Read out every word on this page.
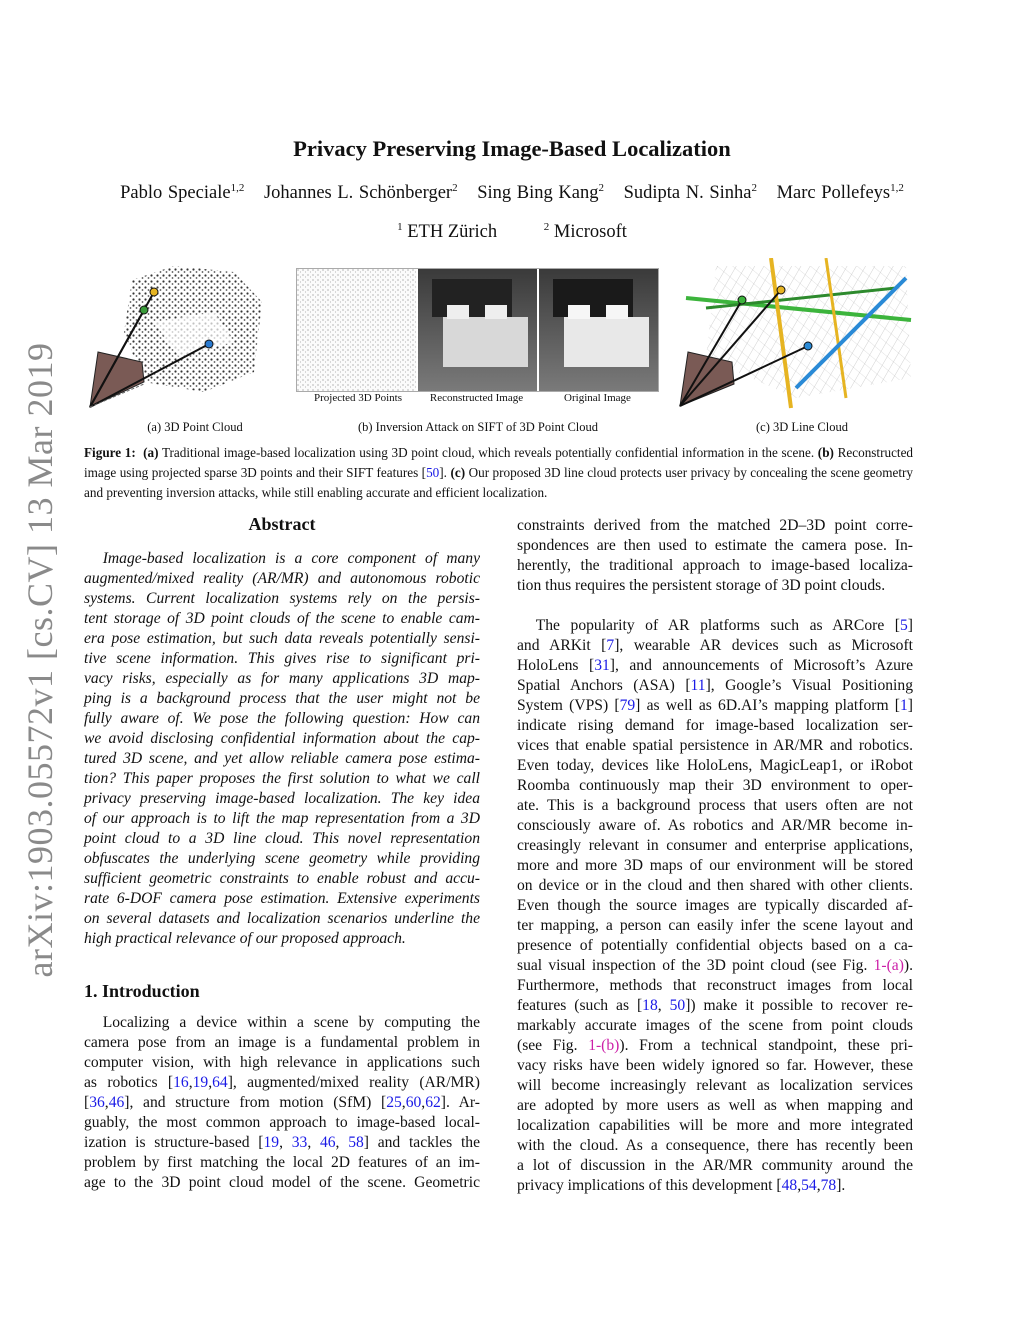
arXiv:1903.05572v1 [cs.CV] 13 Mar 2019
Privacy Preserving Image-Based Localization
Pablo Speciale$^{1,2}$ Johannes L. Schönberger$^2$ Sing Bing Kang$^2$ Sudipta N. Sinha$^2$ Marc Pollefeys$^{1,2}$
$^1$ ETH Zürich	$^2$ Microsoft
Projected 3D Points	Reconstructed Image	Original Image
(a) 3D Point Cloud	(b) Inversion Attack on SIFT of 3D Point Cloud	(c) 3D Line Cloud
Figure 1: (a) Traditional image-based localization using 3D point cloud, which reveals potentially confidential information in the scene. (b) Reconstructed image using projected sparse 3D points and their SIFT features [50]. (c) Our proposed 3D line cloud protects user privacy by concealing the scene geometry and preventing inversion attacks, while still enabling accurate and efficient localization.
Abstract
Image-based localization is a core component of many
augmented/mixed reality (AR/MR) and autonomous robotic
systems. Current localization systems rely on the persis-
tent storage of 3D point clouds of the scene to enable cam-
era pose estimation, but such data reveals potentially sensi-
tive scene information. This gives rise to significant pri-
vacy risks, especially as for many applications 3D map-
ping is a background process that the user might not be
fully aware of. We pose the following question: How can
we avoid disclosing confidential information about the cap-
tured 3D scene, and yet allow reliable camera pose estima-
tion? This paper proposes the first solution to what we call
privacy preserving image-based localization. The key idea
of our approach is to lift the map representation from a 3D
point cloud to a 3D line cloud. This novel representation
obfuscates the underlying scene geometry while providing
sufficient geometric constraints to enable robust and accu-
rate 6-DOF camera pose estimation. Extensive experiments
on several datasets and localization scenarios underline the
high practical relevance of our proposed approach.
1. Introduction
Localizing a device within a scene by computing the
camera pose from an image is a fundamental problem in
computer vision, with high relevance in applications such
as robotics [16,19,64], augmented/mixed reality (AR/MR)
[36,46], and structure from motion (SfM) [25,60,62]. Ar-
guably, the most common approach to image-based local-
ization is structure-based [19, 33, 46, 58] and tackles the
problem by first matching the local 2D features of an im-
age to the 3D point cloud model of the scene. Geometric
constraints derived from the matched 2D–3D point corre-
spondences are then used to estimate the camera pose. In-
herently, the traditional approach to image-based localiza-
tion thus requires the persistent storage of 3D point clouds.
The popularity of AR platforms such as ARCore [5]
and ARKit [7], wearable AR devices such as Microsoft
HoloLens [31], and announcements of Microsoft’s Azure
Spatial Anchors (ASA) [11], Google’s Visual Positioning
System (VPS) [79] as well as 6D.AI’s mapping platform [1]
indicate rising demand for image-based localization ser-
vices that enable spatial persistence in AR/MR and robotics.
Even today, devices like HoloLens, MagicLeap1, or iRobot
Roomba continuously map their 3D environment to oper-
ate. This is a background process that users often are not
consciously aware of. As robotics and AR/MR become in-
creasingly relevant in consumer and enterprise applications,
more and more 3D maps of our environment will be stored
on device or in the cloud and then shared with other clients.
Even though the source images are typically discarded af-
ter mapping, a person can easily infer the scene layout and
presence of potentially confidential objects based on a ca-
sual visual inspection of the 3D point cloud (see Fig. 1-(a)).
Furthermore, methods that reconstruct images from local
features (such as [18, 50]) make it possible to recover re-
markably accurate images of the scene from point clouds
(see Fig. 1-(b)). From a technical standpoint, these pri-
vacy risks have been widely ignored so far. However, these
will become increasingly relevant as localization services
are adopted by more users as well as when mapping and
localization capabilities will be more and more integrated
with the cloud. As a consequence, there has recently been
a lot of discussion in the AR/MR community around the
privacy implications of this development [48,54,78].
